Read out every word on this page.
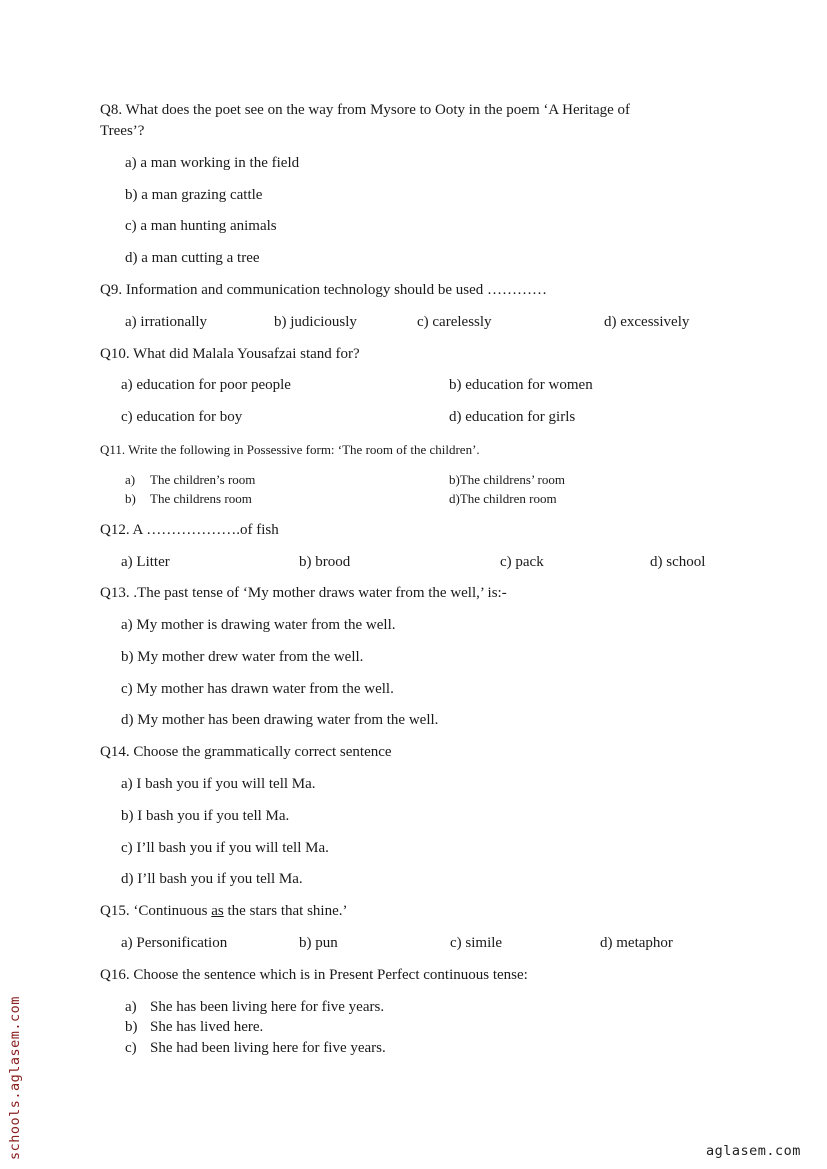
Q8. What does the poet see on the way from Mysore to Ooty in the poem ‘A Heritage of
Trees’?
a) a man working in the field
b) a man grazing cattle
c) a man hunting animals
d) a man cutting a tree
Q9. Information and communication technology should be used …………
a) irrationally	b) judiciously	c) carelessly	d) excessively
Q10. What did Malala Yousafzai stand for?
a) education for poor people	b) education for women
c) education for boy	d) education for girls
Q11. Write the following in Possessive form: ‘The room of the children’.
a) The children’s room	b)The childrens’ room
b) The childrens room	d)The children room
Q12. A ……………….of fish
a) Litter	b) brood	c) pack	d) school
Q13. .The past tense of ‘My mother draws water from the well,’ is:-
a) My mother is drawing water from the well.
b) My mother drew water from the well.
c) My mother has drawn water from the well.
d) My mother has been drawing water from the well.
Q14. Choose the grammatically correct sentence
a) I bash you if you will tell Ma.
b) I bash you if you tell Ma.
c) I’ll bash you if you will tell Ma.
d) I’ll bash you if you tell Ma.
Q15. ‘Continuous as the stars that shine.’
a) Personification	b) pun	c) simile	d) metaphor
Q16. Choose the sentence which is in Present Perfect continuous tense:
a) She has been living here for five years.
b) She has lived here.
c) She had been living here for five years.
schools.aglasem.com	aglasem.com
